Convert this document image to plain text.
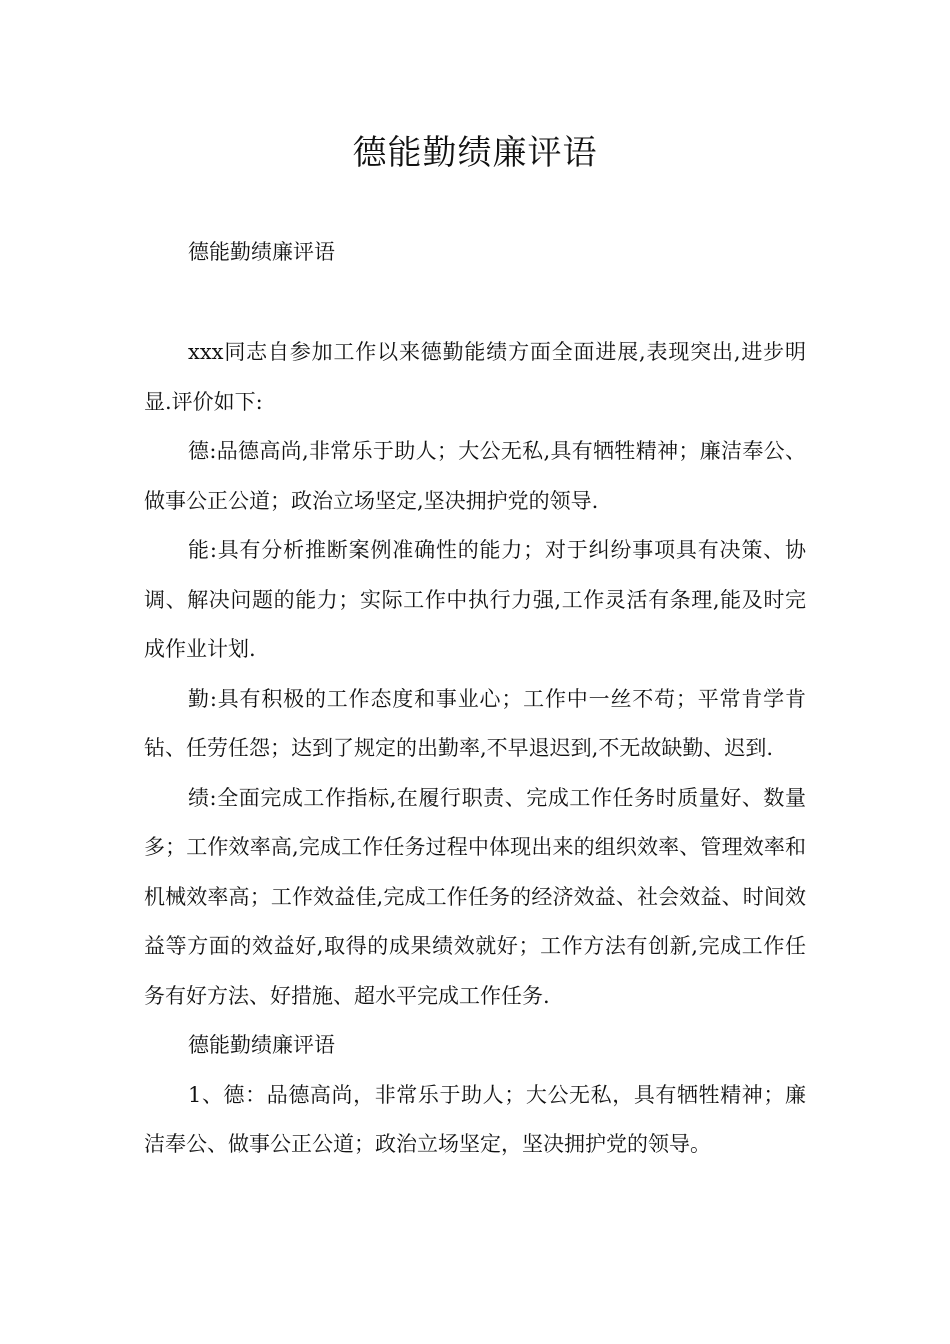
德能勤绩廉评语

德能勤绩廉评语

xxx同志自参加工作以来德勤能绩方面全面进展,表现突出,进步明显.评价如下:

德:品德高尚,非常乐于助人；大公无私,具有牺牲精神；廉洁奉公、做事公正公道；政治立场坚定,坚决拥护党的领导.

能:具有分析推断案例准确性的能力；对于纠纷事项具有决策、协调、解决问题的能力；实际工作中执行力强,工作灵活有条理,能及时完成作业计划.

勤:具有积极的工作态度和事业心；工作中一丝不苟；平常肯学肯钻、任劳任怨；达到了规定的出勤率,不早退迟到,不无故缺勤、迟到.

绩:全面完成工作指标,在履行职责、完成工作任务时质量好、数量多；工作效率高,完成工作任务过程中体现出来的组织效率、管理效率和机械效率高；工作效益佳,完成工作任务的经济效益、社会效益、时间效益等方面的效益好,取得的成果绩效就好；工作方法有创新,完成工作任务有好方法、好措施、超水平完成工作任务.

德能勤绩廉评语

1、德：品德高尚，非常乐于助人；大公无私，具有牺牲精神；廉洁奉公、做事公正公道；政治立场坚定，坚决拥护党的领导。
